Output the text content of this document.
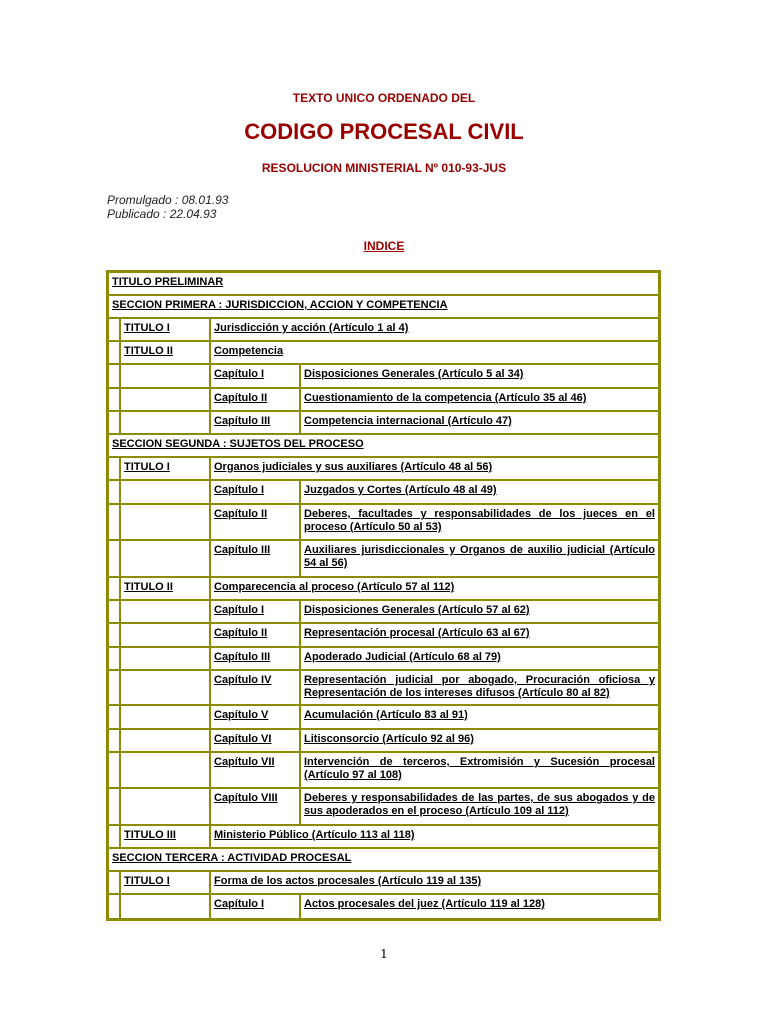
TEXTO UNICO ORDENADO DEL
CODIGO PROCESAL CIVIL
RESOLUCION MINISTERIAL Nº 010-93-JUS
Promulgado : 08.01.93
Publicado : 22.04.93
INDICE
TITULO PRELIMINAR
SECCION PRIMERA : JURISDICCION, ACCION Y COMPETENCIA
TITULO I	Jurisdicción y acción (Artículo 1 al 4)
TITULO II	Competencia
Capítulo I	Disposiciones Generales (Artículo 5 al 34)
Capítulo II	Cuestionamiento de la competencia (Artículo 35 al 46)
Capítulo III	Competencia internacional (Artículo 47)
SECCION SEGUNDA : SUJETOS DEL PROCESO
TITULO I	Organos judiciales y sus auxiliares (Artículo 48 al 56)
Capítulo I	Juzgados y Cortes (Artículo 48 al 49)
Capítulo II	Deberes, facultades y responsabilidades de los jueces en el proceso (Artículo 50 al 53)
Capítulo III	Auxiliares jurisdiccionales y Organos de auxilio judicial (Artículo 54 al 56)
TITULO II	Comparecencia al proceso (Artículo 57 al 112)
Capítulo I	Disposiciones Generales (Artículo 57 al 62)
Capítulo II	Representación procesal (Artículo 63 al 67)
Capítulo III	Apoderado Judicial (Artículo 68 al 79)
Capítulo IV	Representación judicial por abogado, Procuración oficiosa y Representación de los intereses difusos (Artículo 80 al 82)
Capítulo V	Acumulación (Artículo 83 al 91)
Capítulo VI	Litisconsorcio (Artículo 92 al 96)
Capítulo VII	Intervención de terceros, Extromisión y Sucesión procesal (Artículo 97 al 108)
Capítulo VIII	Deberes y responsabilidades de las partes, de sus abogados y de sus apoderados en el proceso (Artículo 109 al 112)
TITULO III	Ministerio Público (Artículo 113 al 118)
SECCION TERCERA : ACTIVIDAD PROCESAL
TITULO I	Forma de los actos procesales (Artículo 119 al 135)
Capítulo I	Actos procesales del juez (Artículo 119 al 128)
1
